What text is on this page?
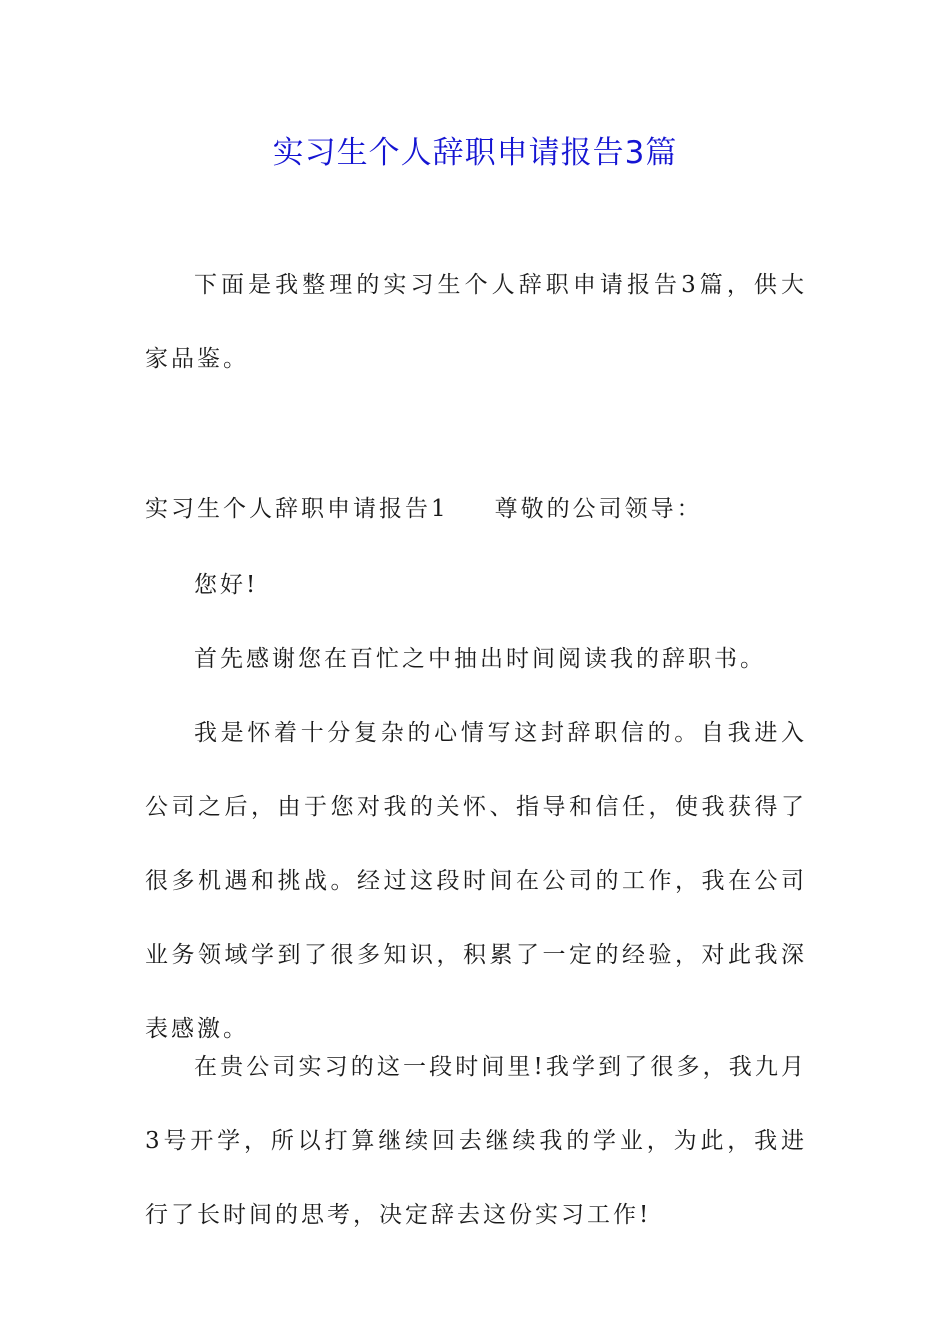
实习生个人辞职申请报告3篇

下面是我整理的实习生个人辞职申请报告3篇，供大家品鉴。

实习生个人辞职申请报告1 尊敬的公司领导：

您好!

首先感谢您在百忙之中抽出时间阅读我的辞职书。

我是怀着十分复杂的心情写这封辞职信的。自我进入公司之后，由于您对我的关怀、指导和信任，使我获得了很多机遇和挑战。经过这段时间在公司的工作，我在公司业务领域学到了很多知识，积累了一定的经验，对此我深表感激。

在贵公司实习的这一段时间里!我学到了很多，我九月3号开学，所以打算继续回去继续我的学业，为此，我进行了长时间的思考，决定辞去这份实习工作!
